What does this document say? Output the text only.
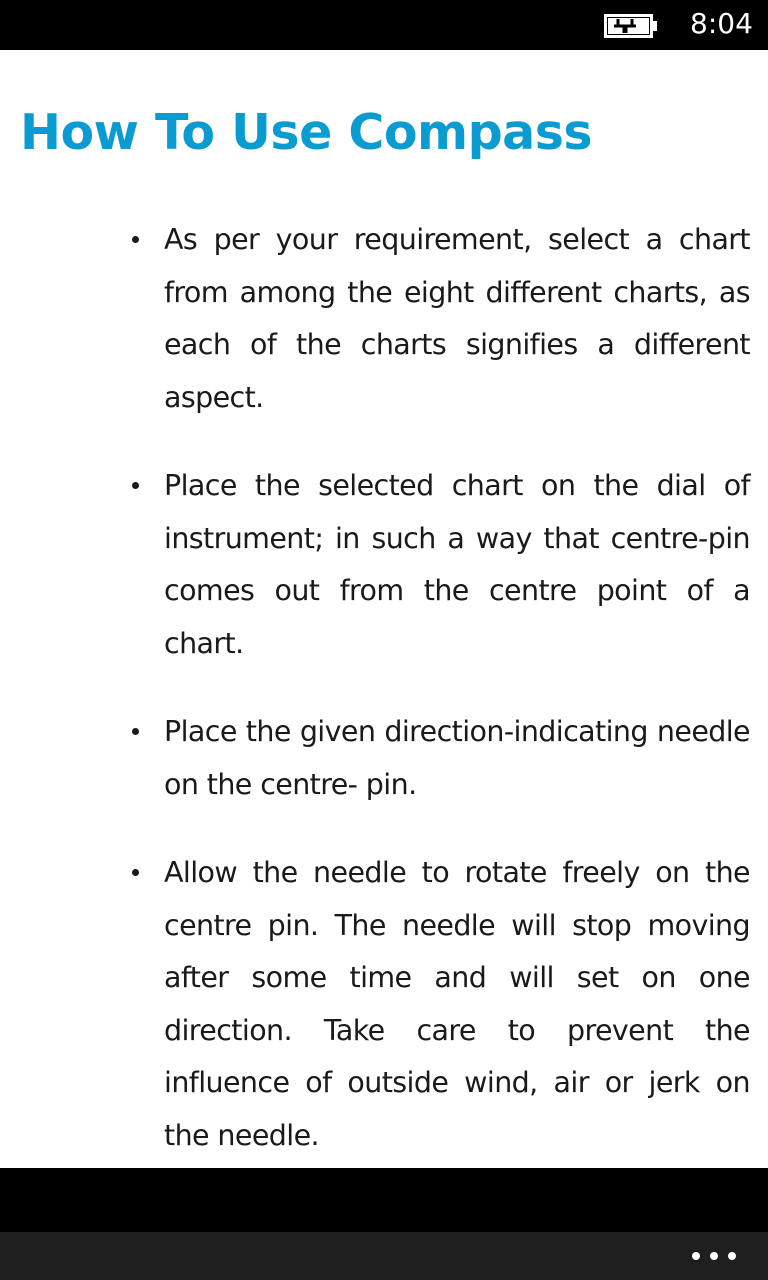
8:04
How To Use Compass
As per your requirement, select a chart from among the eight different charts, as each of the charts signifies a different aspect.
Place the selected chart on the dial of instrument; in such a way that centre-pin comes out from the centre point of a chart.
Place the given direction-indicating needle on the centre- pin.
Allow the needle to rotate freely on the centre pin. The needle will stop moving after some time and will set on one direction. Take care to prevent the influence of outside wind, air or jerk on the needle.
